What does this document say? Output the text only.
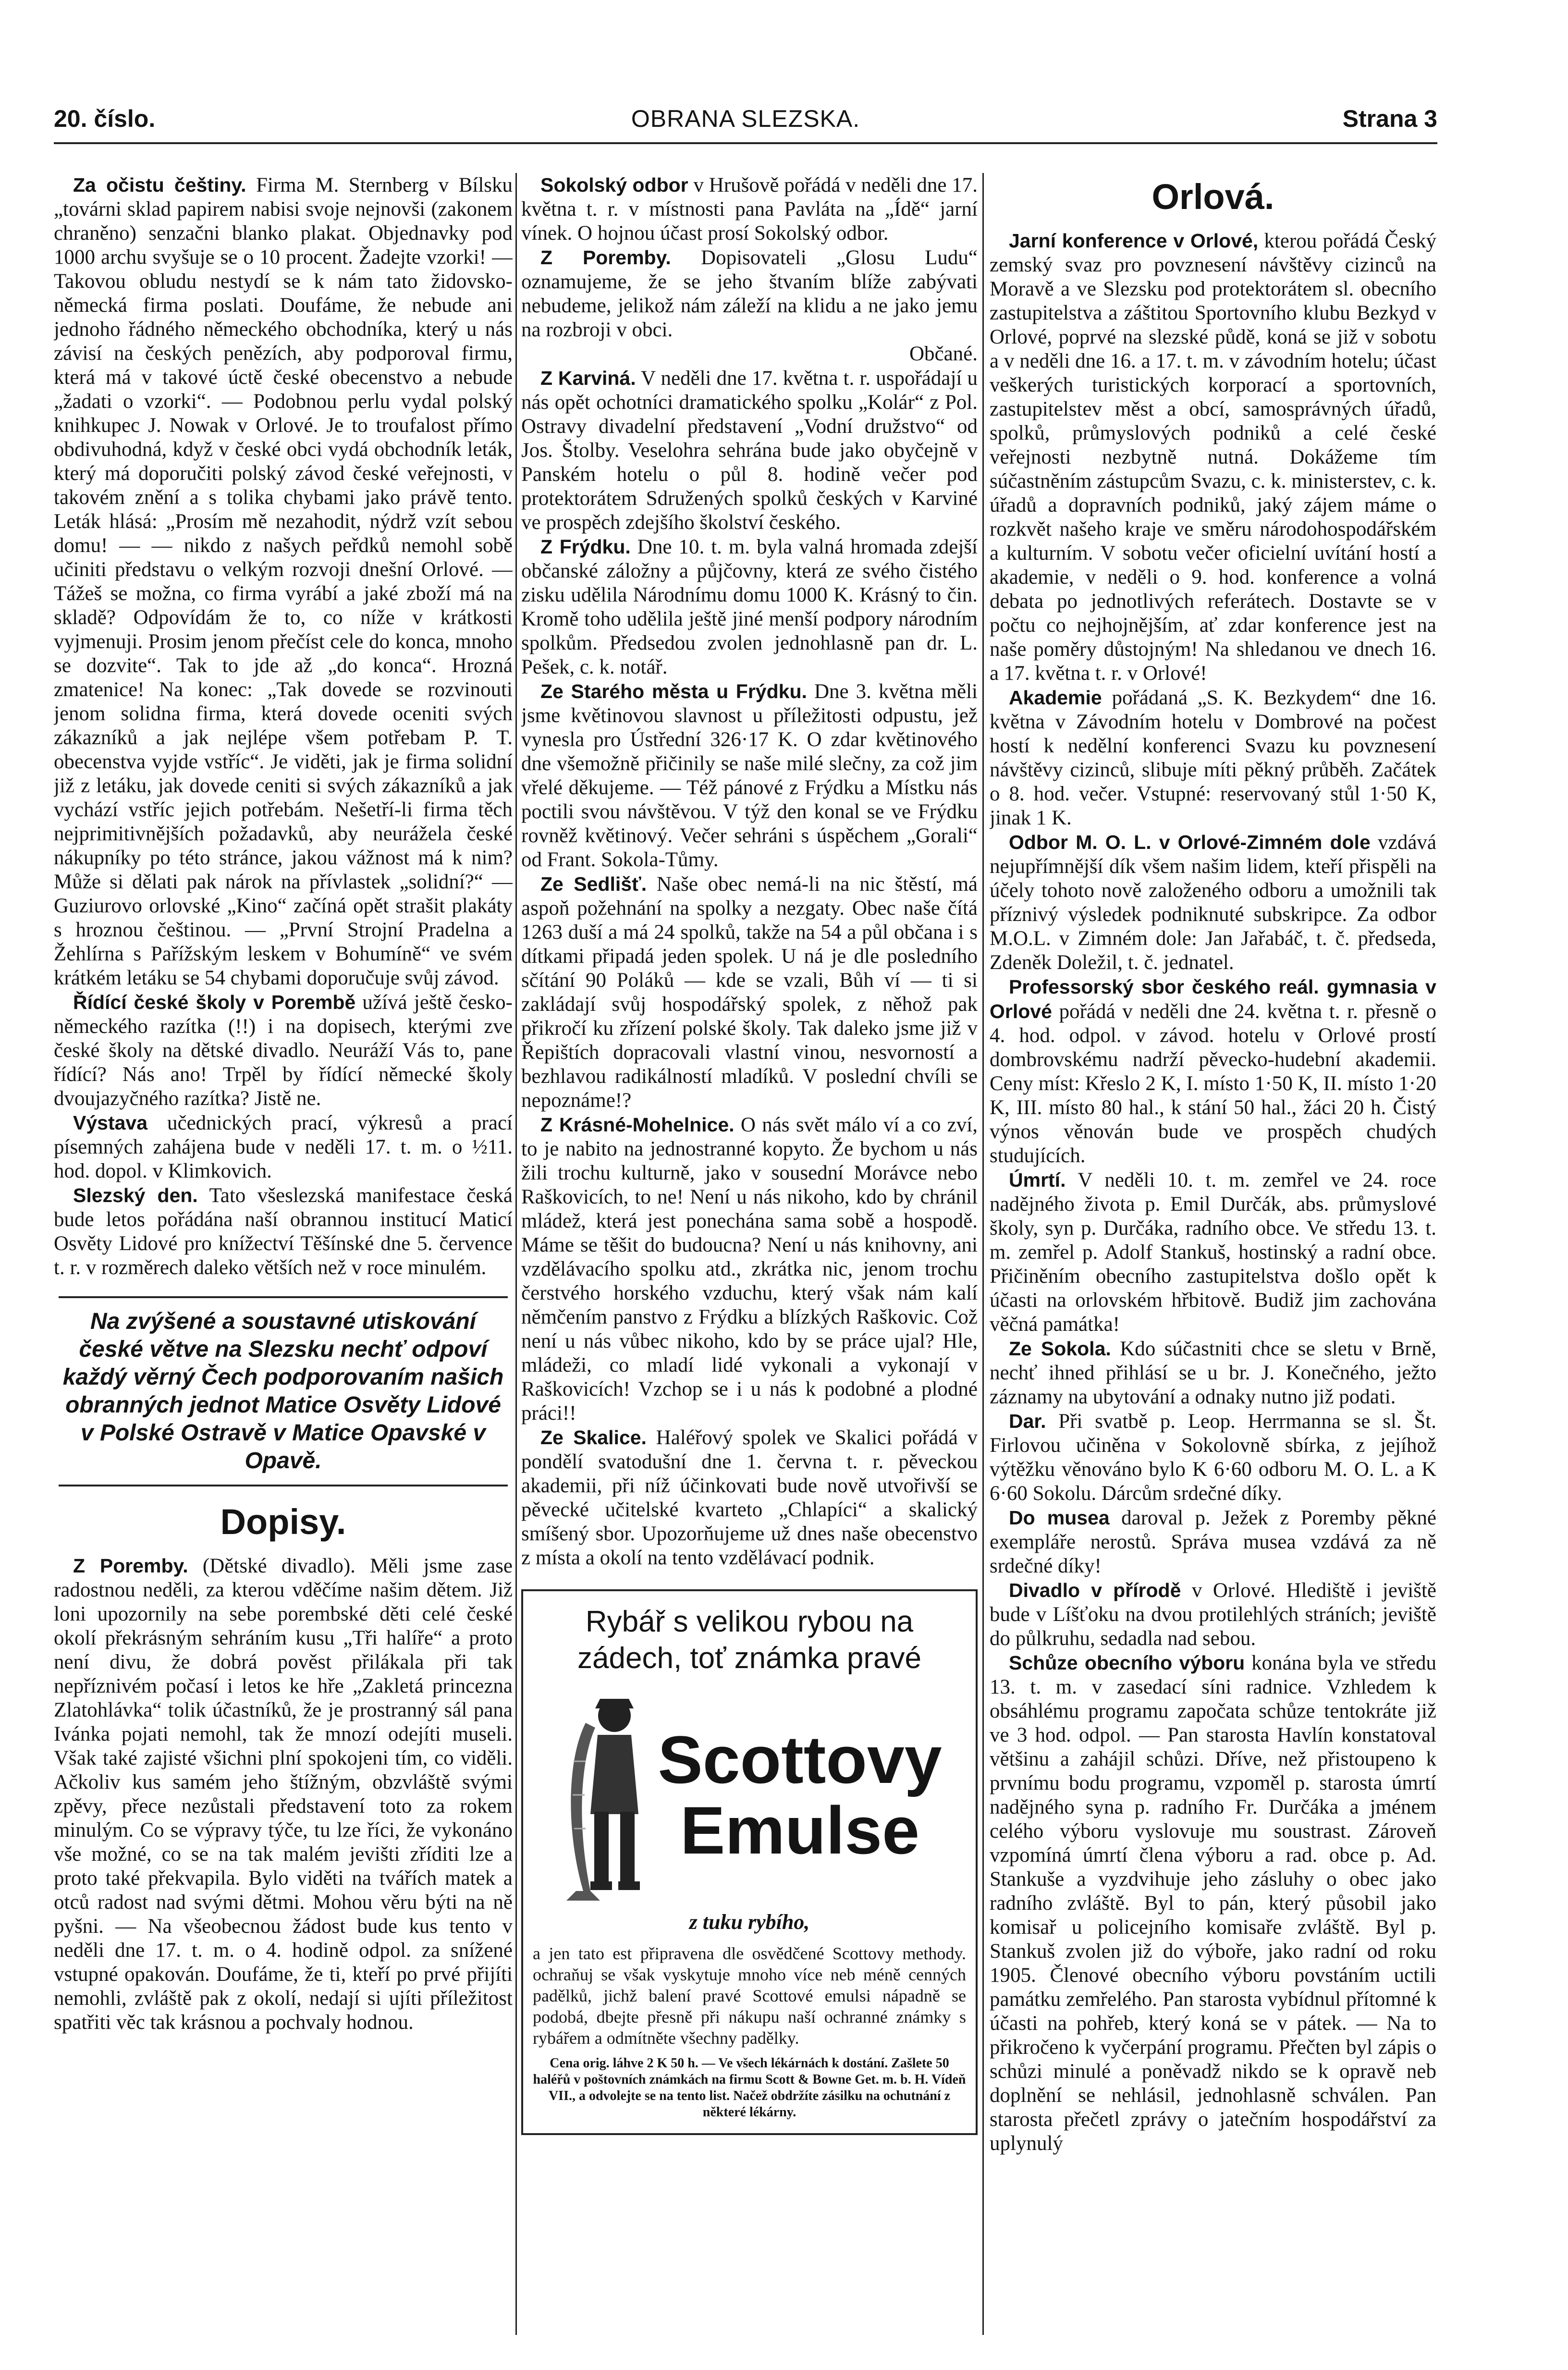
20. číslo.	OBRANA SLEZSKA.	Strana 3

Za očistu češtiny. Firma M. Sternberg v Bílsku „továrni sklad papirem nabisi svoje nejnovši (zakonem chraněno) senzačni blanko plakat. Objednavky pod 1000 archu svyšuje se o 10 procent. Žadejte vzorki! — Takovou obludu nestydí se k nám tato židovsko-německá firma poslati. Doufáme, že nebude ani jednoho řádného německého obchodníka, který u nás závisí na českých penězích, aby podporoval firmu, která má v takové úctě české obecenstvo a nebude „žadati o vzorki“. — Podobnou perlu vydal polský knihkupec J. Nowak v Orlové. Je to troufalost přímo obdivuhodná, když v české obci vydá obchodník leták, který má doporučiti polský závod české veřejnosti, v takovém znění a s tolika chybami jako právě tento. Leták hlásá: „Prosím mě nezahodit, nýdrž vzít sebou domu! — — nikdo z našych peřdků nemohl sobě učiniti představu o velkým rozvoji dnešní Orlové. — Tážeš se možna, co firma vyrábí a jaké zboží má na skladě? Odpovídám že to, co níže v krátkosti vyjmenuji. Prosim jenom přečíst cele do konca, mnoho se dozvite“. Tak to jde až „do konca“. Hrozná zmatenice! Na konec: „Tak dovede se rozvinouti jenom solidna firma, která dovede oceniti svých zákazníků a jak nejlépe všem potřebam P. T. obecenstva vyjde vstříc“. Je viděti, jak je firma solidní již z letáku, jak dovede ceniti si svých zákazníků a jak vychází vstříc jejich potřebám. Nešetří-li firma těch nejprimitivnějších požadavků, aby neurážela české nákupníky po této stránce, jakou vážnost má k nim? Může si dělati pak nárok na přívlastek „solidní?“ — Guziurovo orlovské „Kino“ začíná opět strašit plakáty s hroznou češtinou. — „První Strojní Pradelna a Žehlírna s Pařížským leskem v Bohumíně“ ve svém krátkém letáku se 54 chybami doporučuje svůj závod.

Řídící české školy v Porembě užívá ještě česko-německého razítka (!!) i na dopisech, kterými zve české školy na dětské divadlo. Neuráží Vás to, pane řídící? Nás ano! Trpěl by řídící německé školy dvoujazyčného razítka? Jistě ne.

Výstava učednických prací, výkresů a prací písemných zahájena bude v neděli 17. t. m. o ½11. hod. dopol. v Klimkovich.

Slezský den. Tato všeslezská manifestace česká bude letos pořádána naší obrannou institucí Maticí Osvěty Lidové pro knížectví Těšínské dne 5. července t. r. v rozměrech daleko větších než v roce minulém.

Na zvýšené a soustavné utiskování české větve na Slezsku nechť odpoví každý věrný Čech podporovaním našich obranných jednot Matice Osvěty Lidové v Polské Ostravě v Matice Opavské v Opavě.
Dopisy.

Z Poremby. (Dětské divadlo). Měli jsme zase radostnou neděli, za kterou vděčíme našim dětem. Již loni upozornily na sebe porembské děti celé české okolí překrásným sehráním kusu „Tři halíře“ a proto není divu, že dobrá pověst přilákala při tak nepříznivém počasí i letos ke hře „Zakletá princezna Zlatohlávka“ tolik účastníků, že je prostranný sál pana Ivánka pojati nemohl, tak že mnozí odejíti museli. Však také zajisté všichni plní spokojeni tím, co viděli. Ačkoliv kus samém jeho štížným, obzvláště svými zpěvy, přece nezůstali představení toto za rokem minulým. Co se výpravy týče, tu lze říci, že vykonáno vše možné, co se na tak malém jevišti zříditi lze a proto také překvapila. Bylo viděti na tvářích matek a otců radost nad svými dětmi. Mohou věru býti na ně pyšni. — Na všeobecnou žádost bude kus tento v neděli dne 17. t. m. o 4. hodině odpol. za snížené vstupné opakován. Doufáme, že ti, kteří po prvé přijíti nemohli, zvláště pak z okolí, nedají si ujíti příležitost spatřiti věc tak krásnou a pochvaly hodnou.

Sokolský odbor v Hrušově pořádá v neděli dne 17. května t. r. v místnosti pana Pavláta na „Ídě“ jarní vínek. O hojnou účast prosí Sokolský odbor.

Z Poremby. Dopisovateli „Glosu Ludu“ oznamujeme, že se jeho štvaním blíže zabývati nebudeme, jelikož nám záleží na klidu a ne jako jemu na rozbroji v obci.

Občané.

Z Karviná. V neděli dne 17. května t. r. uspořádají u nás opět ochotníci dramatického spolku „Kolár“ z Pol. Ostravy divadelní představení „Vodní družstvo“ od Jos. Štolby. Veselohra sehrána bude jako obyčejně v Panském hotelu o půl 8. hodině večer pod protektorátem Sdružených spolků českých v Karviné ve prospěch zdejšího školství českého.

Z Frýdku. Dne 10. t. m. byla valná hromada zdejší občanské záložny a půjčovny, která ze svého čistého zisku udělila Národnímu domu 1000 K. Krásný to čin. Kromě toho udělila ještě jiné menší podpory národním spolkům. Předsedou zvolen jednohlasně pan dr. L. Pešek, c. k. notář.

Ze Starého města u Frýdku. Dne 3. května měli jsme květinovou slavnost u příležitosti odpustu, jež vynesla pro Ústřední 326·17 K. O zdar květinového dne všemožně přičinily se naše milé slečny, za což jim vřelé děkujeme. — Též pánové z Frýdku a Místku nás poctili svou návštěvou. V týž den konal se ve Frýdku rovněž květinový. Večer sehráni s úspěchem „Gorali“ od Frant. Sokola-Tůmy.

Ze Sedlišť. Naše obec nemá-li na nic štěstí, má aspoň požehnání na spolky a nezgaty. Obec naše čítá 1263 duší a má 24 spolků, takže na 54 a půl občana i s dítkami připadá jeden spolek. U ná je dle posledního sčítání 90 Poláků — kde se vzali, Bůh ví — ti si zakládají svůj hospodářský spolek, z něhož pak přikročí ku zřízení polské školy. Tak daleko jsme již v Řepištích dopracovali vlastní vinou, nesvorností a bezhlavou radikálností mladíků. V poslední chvíli se nepoznáme!?

Z Krásné-Mohelnice. O nás svět málo ví a co zví, to je nabito na jednostranné kopyto. Že bychom u nás žili trochu kulturně, jako v sousední Morávce nebo Raškovicích, to ne! Není u nás nikoho, kdo by chránil mládež, která jest ponechána sama sobě a hospodě. Máme se těšit do budoucna? Není u nás knihovny, ani vzdělávacího spolku atd., zkrátka nic, jenom trochu čerstvého horského vzduchu, který však nám kalí němčením panstvo z Frýdku a blízkých Raškovic. Což není u nás vůbec nikoho, kdo by se práce ujal? Hle, mládeži, co mladí lidé vykonali a vykonají v Raškovicích! Vzchop se i u nás k podobné a plodné práci!!

Ze Skalice. Haléřový spolek ve Skalici pořádá v pondělí svatodušní dne 1. června t. r. pěveckou akademii, při níž účinkovati bude nově utvořivší se pěvecké učitelské kvarteto „Chlapíci“ a skalický smíšený sbor. Upozorňujeme už dnes naše obecenstvo z místa a okolí na tento vzdělávací podnik.

Rybář s velikou rybou na zádech, toť známka pravé
Scottovy
Emulse
z tuku rybího,
a jen tato est připravena dle osvědčené Scottovy methody. ochraňuj se však vyskytuje mnoho více neb méně cenných padělků, jichž balení pravé Scottové emulsi nápadně se podobá, dbejte přesně při nákupu naší ochranné známky s rybářem a odmítněte všechny padělky.
Cena orig. láhve 2 K 50 h. — Ve všech lékárnách k dostání. Zašlete 50 haléřů v poštovních známkách na firmu Scott & Bowne Get. m. b. H. Vídeň VII., a odvolejte se na tento list. Načež obdržíte zásilku na ochutnání z některé lékárny.
Orlová.

Jarní konference v Orlové, kterou pořádá Český zemský svaz pro povznesení návštěvy cizinců na Moravě a ve Slezsku pod protektorátem sl. obecního zastupitelstva a záštitou Sportovního klubu Bezkyd v Orlové, poprvé na slezské půdě, koná se již v sobotu a v neděli dne 16. a 17. t. m. v závodním hotelu; účast veškerých turistických korporací a sportovních, zastupitelstev měst a obcí, samosprávných úřadů, spolků, průmyslových podniků a celé české veřejnosti nezbytně nutná. Dokážeme tím súčastněním zástupcům Svazu, c. k. ministerstev, c. k. úřadů a dopravních podniků, jaký zájem máme o rozkvět našeho kraje ve směru národohospodářském a kulturním. V sobotu večer oficielní uvítání hostí a akademie, v neděli o 9. hod. konference a volná debata po jednotlivých referátech. Dostavte se v počtu co nejhojnějším, ať zdar konference jest na naše poměry důstojným! Na shledanou ve dnech 16. a 17. května t. r. v Orlové!

Akademie pořádaná „S. K. Bezkydem“ dne 16. května v Závodním hotelu v Dombrové na počest hostí k nedělní konferenci Svazu ku povznesení návštěvy cizinců, slibuje míti pěkný průběh. Začátek o 8. hod. večer. Vstupné: reservovaný stůl 1·50 K, jinak 1 K.

Odbor M. O. L. v Orlové-Zimném dole vzdává nejupřímnější dík všem našim lidem, kteří přispěli na účely tohoto nově založeného odboru a umožnili tak příznivý výsledek podniknuté subskripce. Za odbor M.O.L. v Zimném dole: Jan Jařabáč, t. č. předseda, Zdeněk Doležil, t. č. jednatel.

Professorský sbor českého reál. gymnasia v Orlové pořádá v neděli dne 24. května t. r. přesně o 4. hod. odpol. v závod. hotelu v Orlové prostí dombrovskému nadrží pěvecko-hudební akademii. Ceny míst: Křeslo 2 K, I. místo 1·50 K, II. místo 1·20 K, III. místo 80 hal., k stání 50 hal., žáci 20 h. Čistý výnos věnován bude ve prospěch chudých studujících.

Úmrtí. V neděli 10. t. m. zemřel ve 24. roce nadějného života p. Emil Durčák, abs. průmyslové školy, syn p. Durčáka, radního obce. Ve středu 13. t. m. zemřel p. Adolf Stankuš, hostinský a radní obce. Přičiněním obecního zastupitelstva došlo opět k účasti na orlovském hřbitově. Budiž jim zachována věčná památka!

Ze Sokola. Kdo súčastniti chce se sletu v Brně, nechť ihned přihlásí se u br. J. Konečného, ježto záznamy na ubytování a odnaky nutno již podati.

Dar. Při svatbě p. Leop. Herrmanna se sl. Št. Firlovou učiněna v Sokolovně sbírka, z jejíhož výtěžku věnováno bylo K 6·60 odboru M. O. L. a K 6·60 Sokolu. Dárcům srdečné díky.

Do musea daroval p. Ježek z Poremby pěkné exempláře nerostů. Správa musea vzdává za ně srdečné díky!

Divadlo v přírodě v Orlové. Hlediště i jeviště bude v Líšťoku na dvou protilehlých stráních; jeviště do půlkruhu, sedadla nad sebou.

Schůze obecního výboru konána byla ve středu 13. t. m. v zasedací síni radnice. Vzhledem k obsáhlému programu započata schůze tentokráte již ve 3 hod. odpol. — Pan starosta Havlín konstatoval většinu a zahájil schůzi. Dříve, než přistoupeno k prvnímu bodu programu, vzpoměl p. starosta úmrtí nadějného syna p. radního Fr. Durčáka a jménem celého výboru vyslovuje mu soustrast. Zároveň vzpomíná úmrtí člena výboru a rad. obce p. Ad. Stankuše a vyzdvihuje jeho zásluhy o obec jako radního zvláště. Byl to pán, který působil jako komisař u policejního komisaře zvláště. Byl p. Stankuš zvolen již do výboře, jako radní od roku 1905. Členové obecního výboru povstáním uctili památku zemřelého. Pan starosta vybídnul přítomné k účasti na pohřeb, který koná se v pátek. — Na to přikročeno k vyčerpání programu. Přečten byl zápis o schůzi minulé a poněvadž nikdo se k opravě neb doplnění se nehlásil, jednohlasně schválen. Pan starosta přečetl zprávy o jatečním hospodářství za uplynulý
